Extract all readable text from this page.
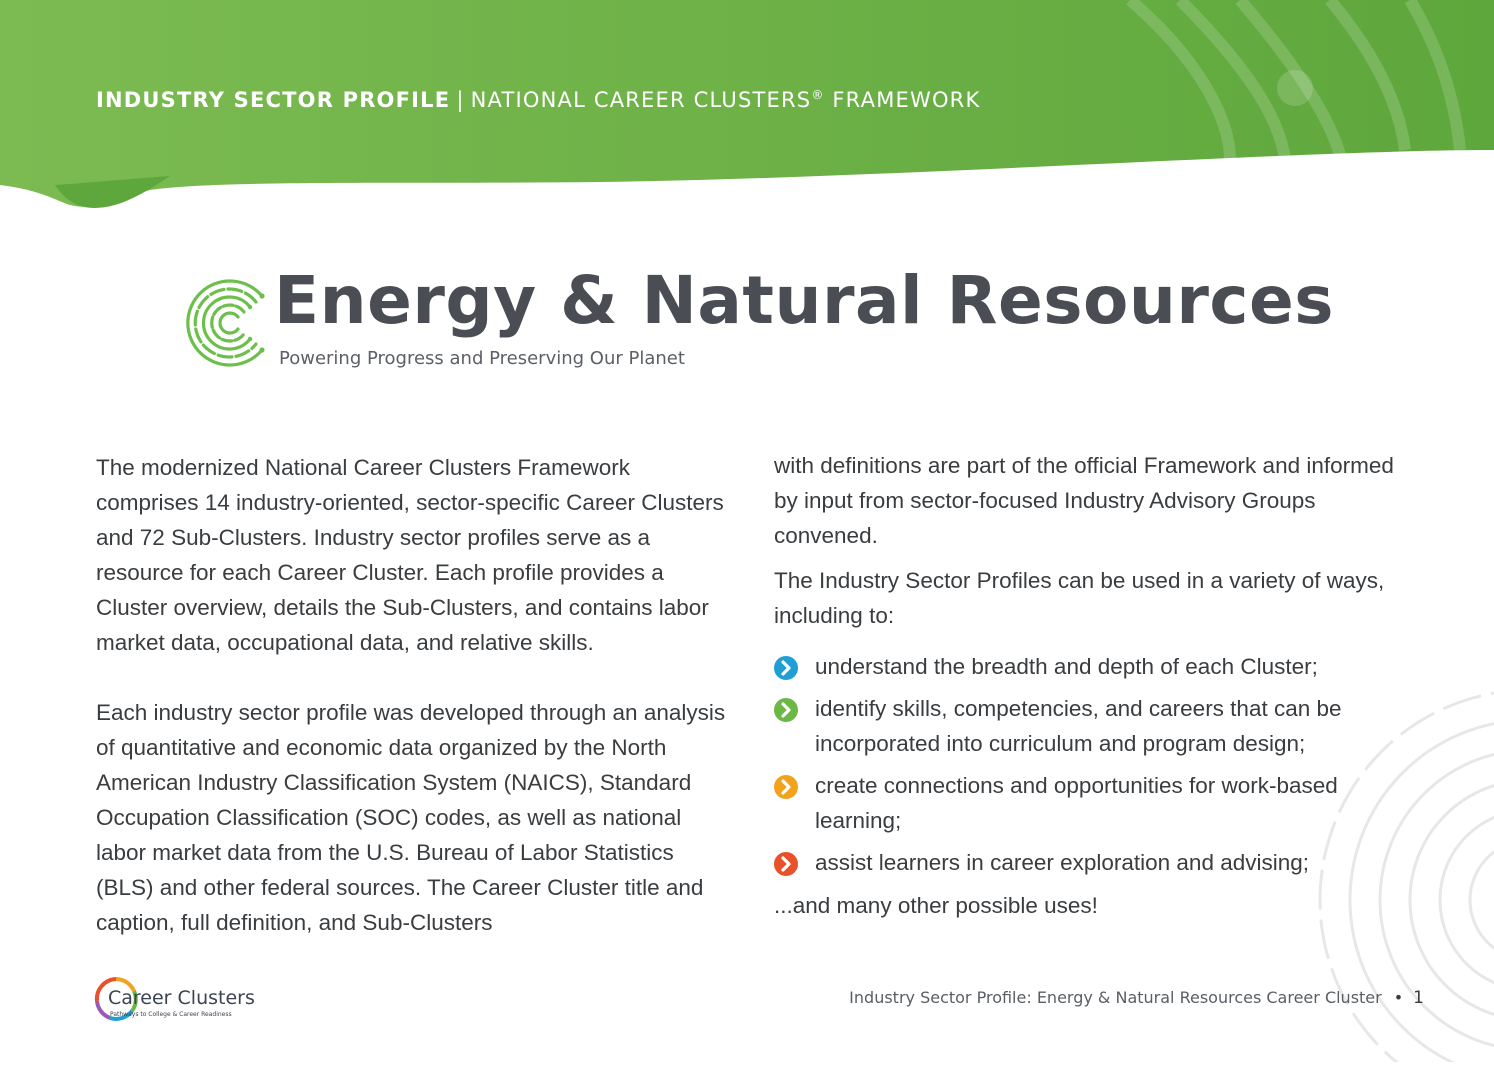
INDUSTRY SECTOR PROFILE | NATIONAL CAREER CLUSTERS® FRAMEWORK
Energy & Natural Resources
Powering Progress and Preserving Our Planet

The modernized National Career Clusters Framework comprises 14 industry-oriented, sector-specific Career Clusters and 72 Sub-Clusters. Industry sector profiles serve as a resource for each Career Cluster. Each profile provides a Cluster overview, details the Sub-Clusters, and contains labor market data, occupational data, and relative skills.

Each industry sector profile was developed through an analysis of quantitative and economic data organized by the North American Industry Classification System (NAICS), Standard Occupation Classification (SOC) codes, as well as national labor market data from the U.S. Bureau of Labor Statistics (BLS) and other federal sources. The Career Cluster title and caption, full definition, and Sub-Clusters

with definitions are part of the official Framework and informed by input from sector-focused Industry Advisory Groups convened.

The Industry Sector Profiles can be used in a variety of ways, including to:

understand the breadth and depth of each Cluster;
identify skills, competencies, and careers that can be incorporated into curriculum and program design;
create connections and opportunities for work-based learning;
assist learners in career exploration and advising;

...and many other possible uses!

Career Clusters
Pathways to College & Career Readiness
Industry Sector Profile: Energy & Natural Resources Career Cluster • 1
